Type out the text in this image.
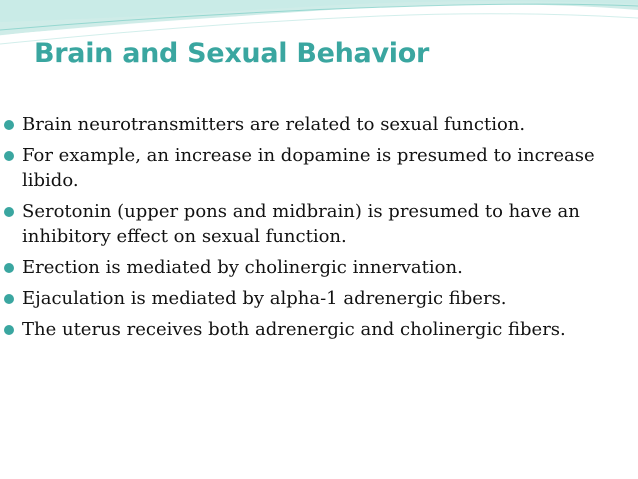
Brain and Sexual Behavior
Brain neurotransmitters are related to sexual function.
For example, an increase in dopamine is presumed to increase libido.
Serotonin (upper pons and midbrain) is presumed to have an inhibitory effect on sexual function.
Erection is mediated by cholinergic innervation.
Ejaculation is mediated by alpha-1 adrenergic fibers.
The uterus receives both adrenergic and cholinergic fibers.
